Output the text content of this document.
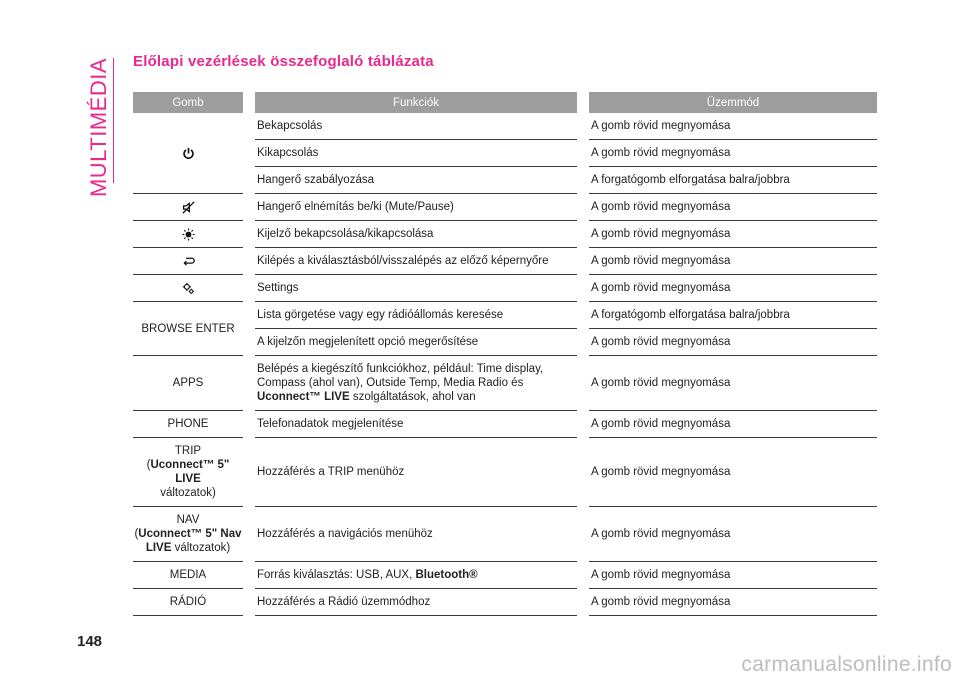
MULTIMÉDIA Előlapi vezérlések összefoglaló táblázata
Gomb	Funkciók	Üzemmód

	Bekapcsolás	A gomb rövid megnyomása
	Kikapcsolás	A gomb rövid megnyomása
	Hangerő szabályozása	A forgatógomb elforgatása balra/jobbra

	Hangerő elnémítás be/ki (Mute/Pause)	A gomb rövid megnyomása

	Kijelző bekapcsolása/kikapcsolása	A gomb rövid megnyomása

	Kilépés a kiválasztásból/visszalépés az előző képernyőre	A gomb rövid megnyomása

	Settings	A gomb rövid megnyomása
BROWSE ENTER	Lista görgetése vagy egy rádióállomás keresése	A forgatógomb elforgatása balra/jobbra
	A kijelzőn megjelenített opció megerősítése	A gomb rövid megnyomása
APPS	Belépés a kiegészítő funkciókhoz, például: Time display,
Compass (ahol van), Outside Temp, Media Radio és
Uconnect™ LIVE szolgáltatások, ahol van	A gomb rövid megnyomása
PHONE	Telefonadatok megjelenítése	A gomb rövid megnyomása
TRIP
(Uconnect™ 5" LIVE
változatok)	Hozzáférés a TRIP menühöz	A gomb rövid megnyomása
NAV
(Uconnect™ 5" Nav
LIVE változatok)	Hozzáférés a navigációs menühöz	A gomb rövid megnyomása
MEDIA	Forrás kiválasztás: USB, AUX, Bluetooth®	A gomb rövid megnyomása
RÁDIÓ	Hozzáférés a Rádió üzemmódhoz	A gomb rövid megnyomása
148
carmanualsonline.info
